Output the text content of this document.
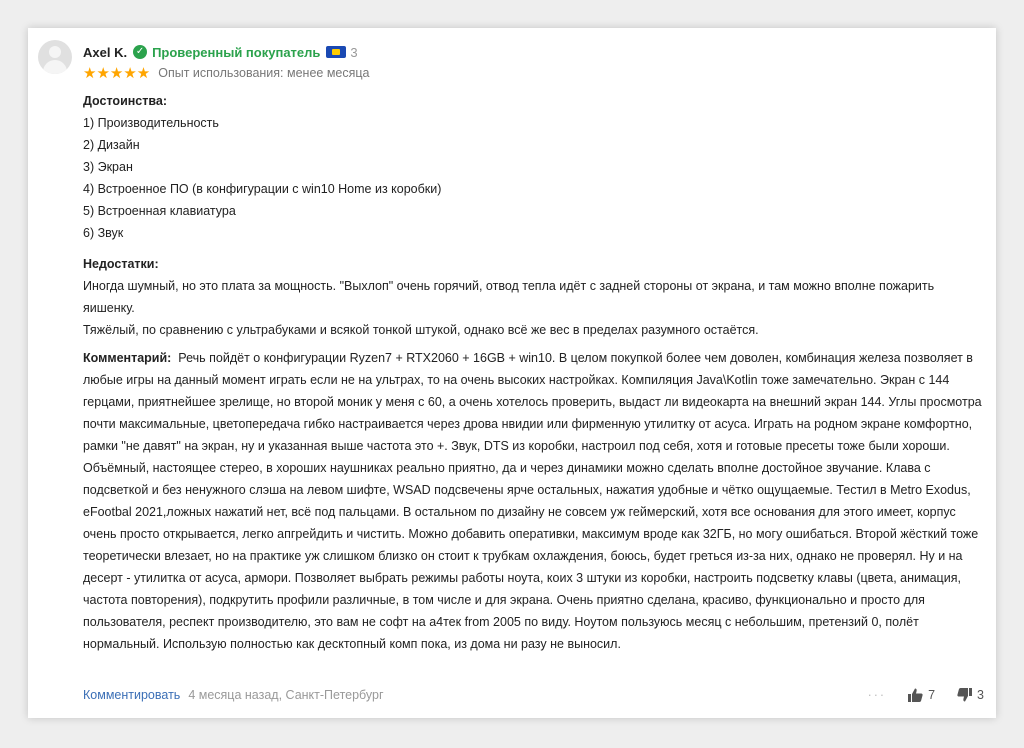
Axel K. ✓ Проверенный покупатель 3
★★★★★ Опыт использования: менее месяца
Достоинства:
1) Производительность
2) Дизайн
3) Экран
4) Встроенное ПО (в конфигурации с win10 Home из коробки)
5) Встроенная клавиатура
6) Звук
Недостатки:
Иногда шумный, но это плата за мощность. "Выхлоп" очень горячий, отвод тепла идёт с задней стороны от экрана, и там можно вполне пожарить яишенку.
Тяжёлый, по сравнению с ультрабуками и всякой тонкой штукой, однако всё же вес в пределах разумного остаётся.

Комментарий: Речь пойдёт о конфигурации Ryzen7 + RTX2060 + 16GB + win10. В целом покупкой более чем доволен, комбинация железа позволяет в любые игры на данный момент играть если не на ультрах, то на очень высоких настройках. Компиляция Java\Kotlin тоже замечательно. Экран с 144 герцами, приятнейшее зрелище, но второй моник у меня с 60, а очень хотелось проверить, выдаст ли видеокарта на внешний экран 144. Углы просмотра почти максимальные, цветопередача гибко настраивается через дрова нвидии или фирменную утилитку от асуса. Играть на родном экране комфортно, рамки "не давят" на экран, ну и указанная выше частота это +. Звук, DTS из коробки, настроил под себя, хотя и готовые пресеты тоже были хороши. Объёмный, настоящее стерео, в хороших наушниках реально приятно, да и через динамики можно сделать вполне достойное звучание. Клава с подсветкой и без ненужного слэша на левом шифте, WSAD подсвечены ярче остальных, нажатия удобные и чётко ощущаемые. Тестил в Metro Exodus, eFootbal 2021,ложных нажатий нет, всё под пальцами. В остальном по дизайну не совсем уж геймерский, хотя все основания для этого имеет, корпус очень просто открывается, легко апгрейдить и чистить. Можно добавить оперативки, максимум вроде как 32ГБ, но могу ошибаться. Второй жёсткий тоже теоретически влезает, но на практике уж слишком близко он стоит к трубкам охлаждения, боюсь, будет греться из-за них, однако не проверял. Ну и на десерт - утилитка от асуса, армори. Позволяет выбрать режимы работы ноута, коих 3 штуки из коробки, настроить подсветку клавы (цвета, анимация, частота повторения), подкрутить профили различные, в том числе и для экрана. Очень приятно сделана, красиво, функционально и просто для пользователя, респект производителю, это вам не софт на а4тек from 2005 по виду. Ноутом пользуюсь месяц с небольшим, претензий 0, полёт нормальный. Использую полностью как десктопный комп пока, из дома ни разу не выносил.

Комментировать 4 месяца назад, Санкт-Петербург	···	7	3
